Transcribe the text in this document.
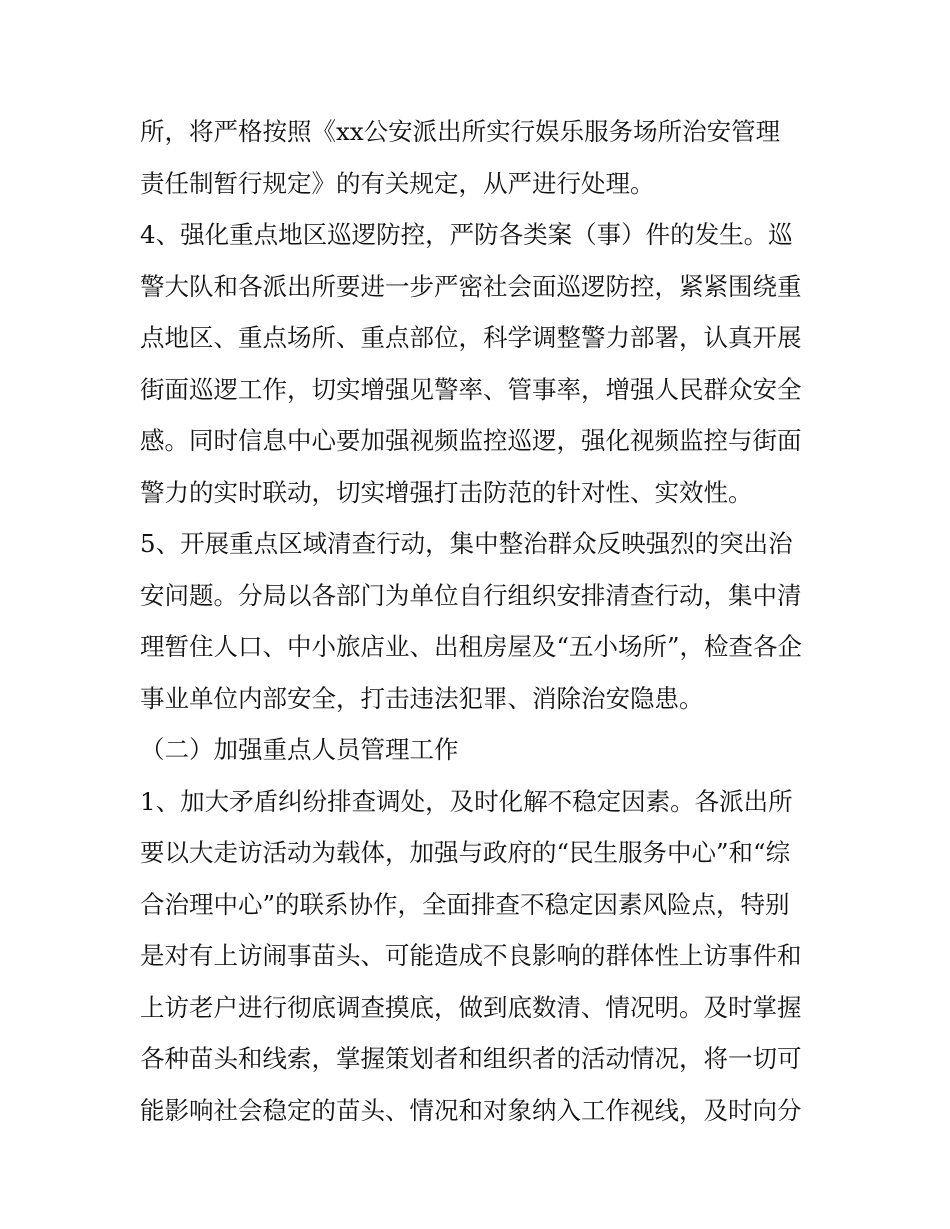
所，将严格按照《xx公安派出所实行娱乐服务场所治安管理
责任制暂行规定》的有关规定，从严进行处理。
4、强化重点地区巡逻防控，严防各类案（事）件的发生。巡
警大队和各派出所要进一步严密社会面巡逻防控，紧紧围绕重
点地区、重点场所、重点部位，科学调整警力部署，认真开展
街面巡逻工作，切实增强见警率、管事率，增强人民群众安全
感。同时信息中心要加强视频监控巡逻，强化视频监控与街面
警力的实时联动，切实增强打击防范的针对性、实效性。
5、开展重点区域清查行动，集中整治群众反映强烈的突出治
安问题。分局以各部门为单位自行组织安排清查行动，集中清
理暂住人口、中小旅店业、出租房屋及“五小场所”，检查各企
事业单位内部安全，打击违法犯罪、消除治安隐患。
（二）加强重点人员管理工作
1、加大矛盾纠纷排查调处，及时化解不稳定因素。各派出所
要以大走访活动为载体，加强与政府的“民生服务中心”和“综
合治理中心”的联系协作，全面排查不稳定因素风险点，特别
是对有上访闹事苗头、可能造成不良影响的群体性上访事件和
上访老户进行彻底调查摸底，做到底数清、情况明。及时掌握
各种苗头和线索，掌握策划者和组织者的活动情况，将一切可
能影响社会稳定的苗头、情况和对象纳入工作视线，及时向分
